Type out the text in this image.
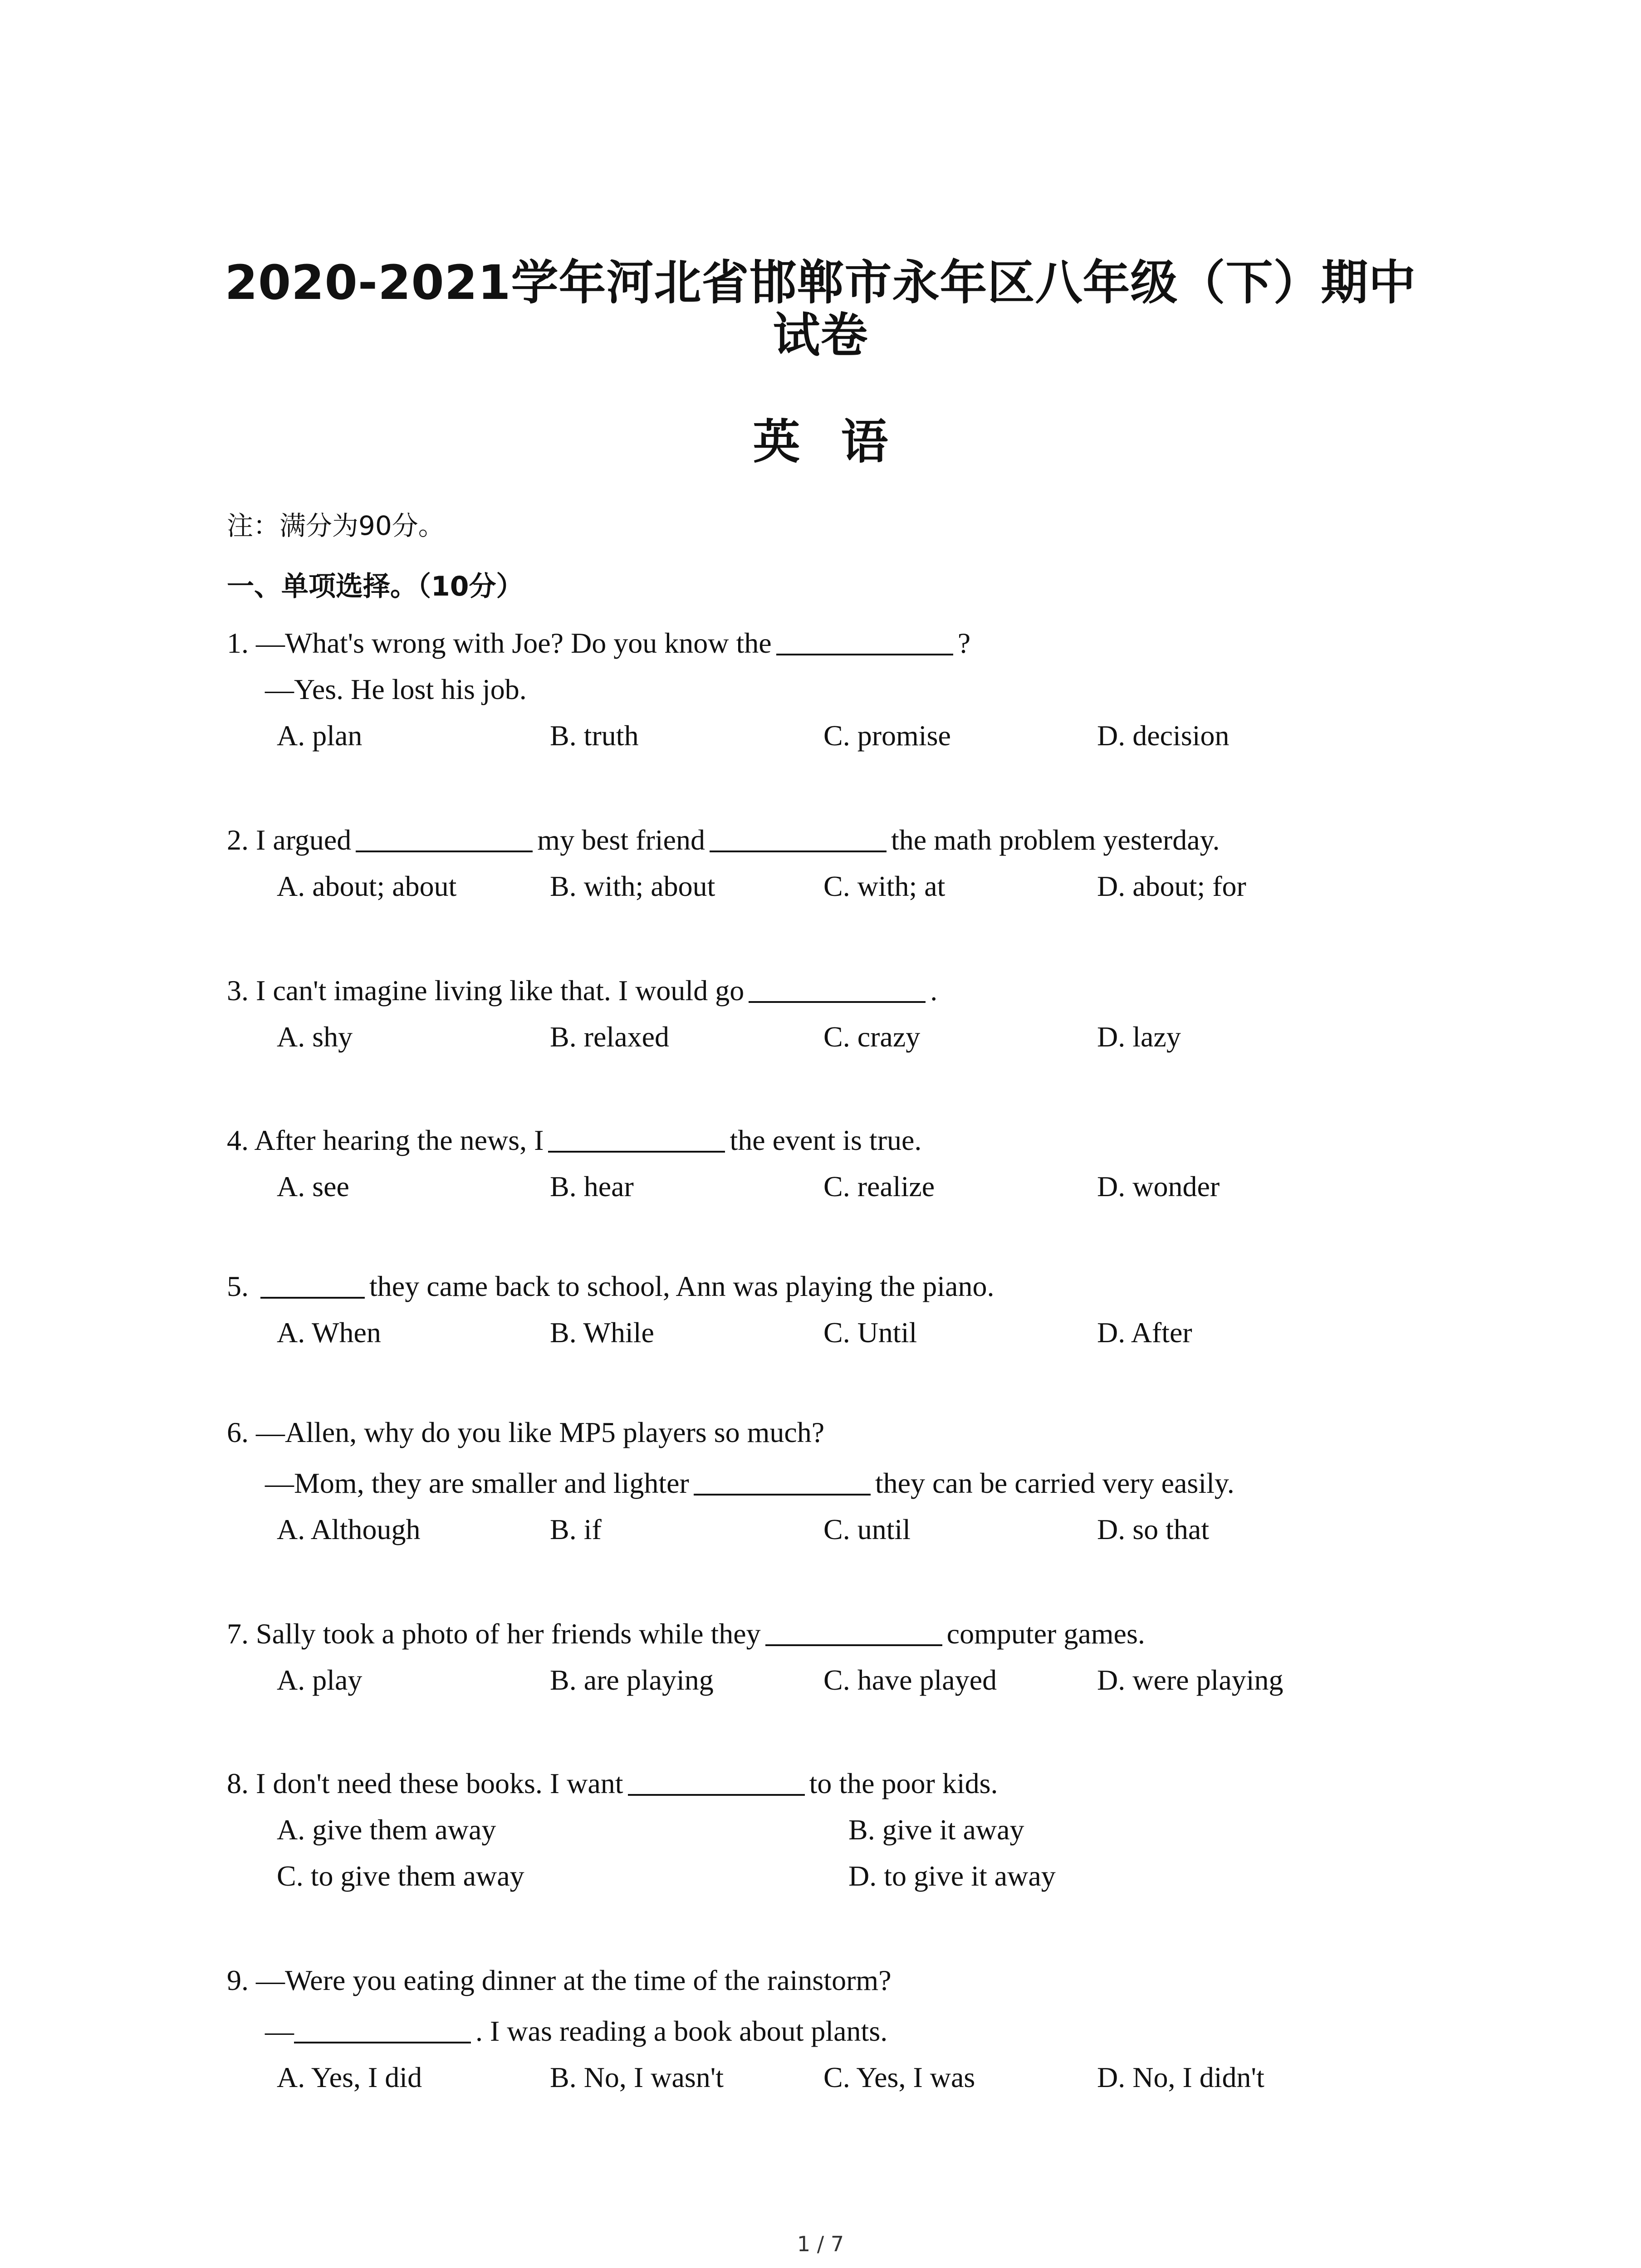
2020-2021学年河北省邯郸市永年区八年级（下）期中
试卷
英语
注：满分为90分。
一、单项选择。（10分）
1. —What's wrong with Joe? Do you know the	?
—Yes. He lost his job.
A. plan	B. truth	C. promise	D. decision
2. I argued	my best friend	the math problem yesterday.
A. about; about	B. with; about	C. with; at	D. about; for
3. I can't imagine living like that. I would go	.
A. shy	B. relaxed	C. crazy	D. lazy
4. After hearing the news, I	the event is true.
A. see	B. hear	C. realize	D. wonder
5.	they came back to school, Ann was playing the piano.
A. When	B. While	C. Until	D. After
6. —Allen, why do you like MP5 players so much?
—Mom, they are smaller and lighter	they can be carried very easily.
A. Although	B. if	C. until	D. so that
7. Sally took a photo of her friends while they	computer games.
A. play	B. are playing	C. have played	D. were playing
8. I don't need these books. I want	to the poor kids.
A. give them away	B. give it away
C. to give them away	D. to give it away
9. —Were you eating dinner at the time of the rainstorm?
—	. I was reading a book about plants.
A. Yes, I did	B. No, I wasn't	C. Yes, I was	D. No, I didn't
1 / 7
